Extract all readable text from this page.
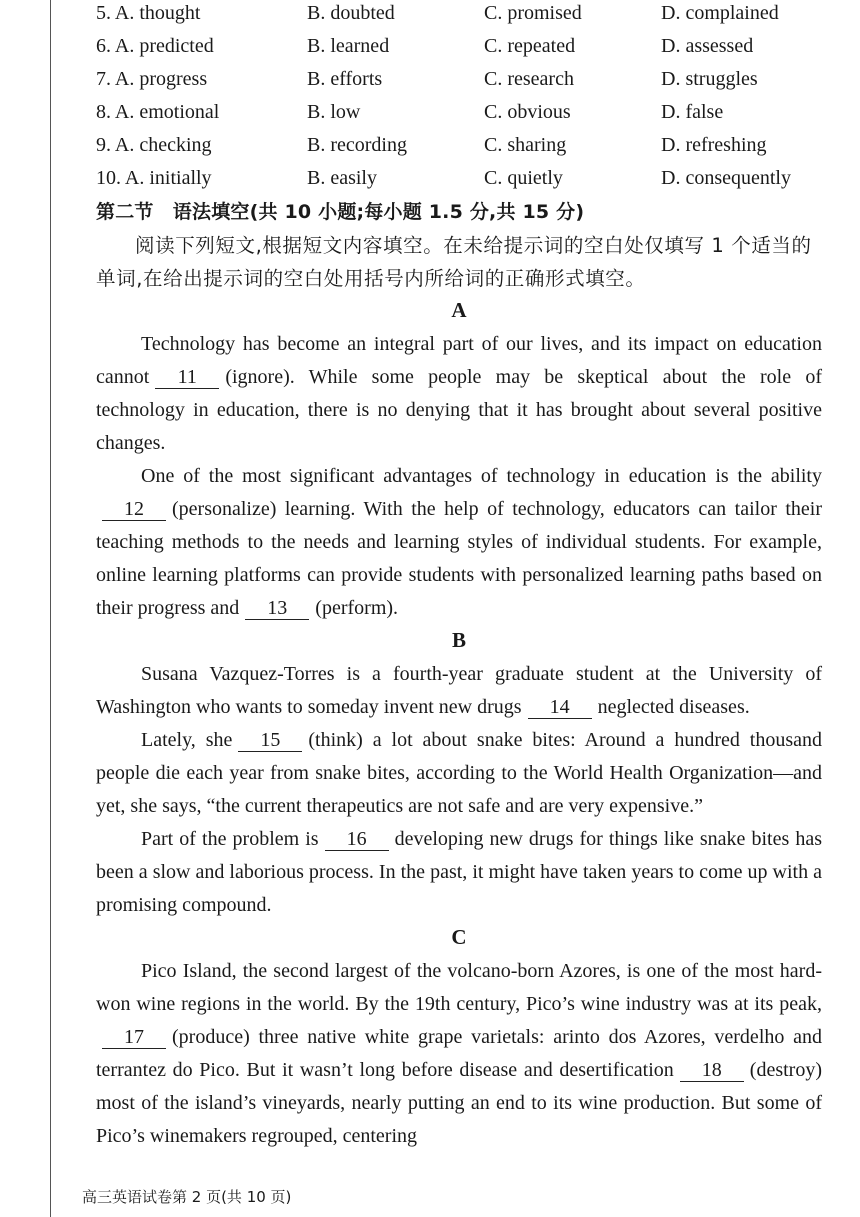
5. A. thought	B. doubted	C. promised	D. complained
6. A. predicted	B. learned	C. repeated	D. assessed
7. A. progress	B. efforts	C. research	D. struggles
8. A. emotional	B. low	C. obvious	D. false
9. A. checking	B. recording	C. sharing	D. refreshing
10. A. initially	B. easily	C. quietly	D. consequently
第二节　语法填空(共 10 小题;每小题 1.5 分,共 15 分)

阅读下列短文,根据短文内容填空。在未给提示词的空白处仅填写 1 个适当的单词,在给出提示词的空白处用括号内所给词的正确形式填空。

A

Technology has become an integral part of our lives, and its impact on education cannot 11 (ignore). While some people may be skeptical about the role of technology in education, there is no denying that it has brought about several positive changes.

One of the most significant advantages of technology in education is the ability12 (personalize) learning. With the help of technology, educators can tailor their teaching methods to the needs and learning styles of individual students. For example, online learning platforms can provide students with personalized learning paths based on their progress and 13 (perform).

B

Susana Vazquez-Torres is a fourth-year graduate student at the University of Washington who wants to someday invent new drugs 14 neglected diseases.

Lately, she 15 (think) a lot about snake bites: Around a hundred thousand people die each year from snake bites, according to the World Health Organization—and yet, she says, “the current therapeutics are not safe and are very expensive.”

Part of the problem is 16 developing new drugs for things like snake bites has been a slow and laborious process. In the past, it might have taken years to come up with a promising compound.

C

Pico Island, the second largest of the volcano-born Azores, is one of the most hard-won wine regions in the world. By the 19th century, Pico’s wine industry was at its peak,17 (produce) three native white grape varietals: arinto dos Azores, verdelho and terrantez do Pico. But it wasn’t long before disease and desertification 18 (destroy) most of the island’s vineyards, nearly putting an end to its wine production. But some of Pico’s winemakers regrouped, centering

高三英语试卷第 2 页(共 10 页)
